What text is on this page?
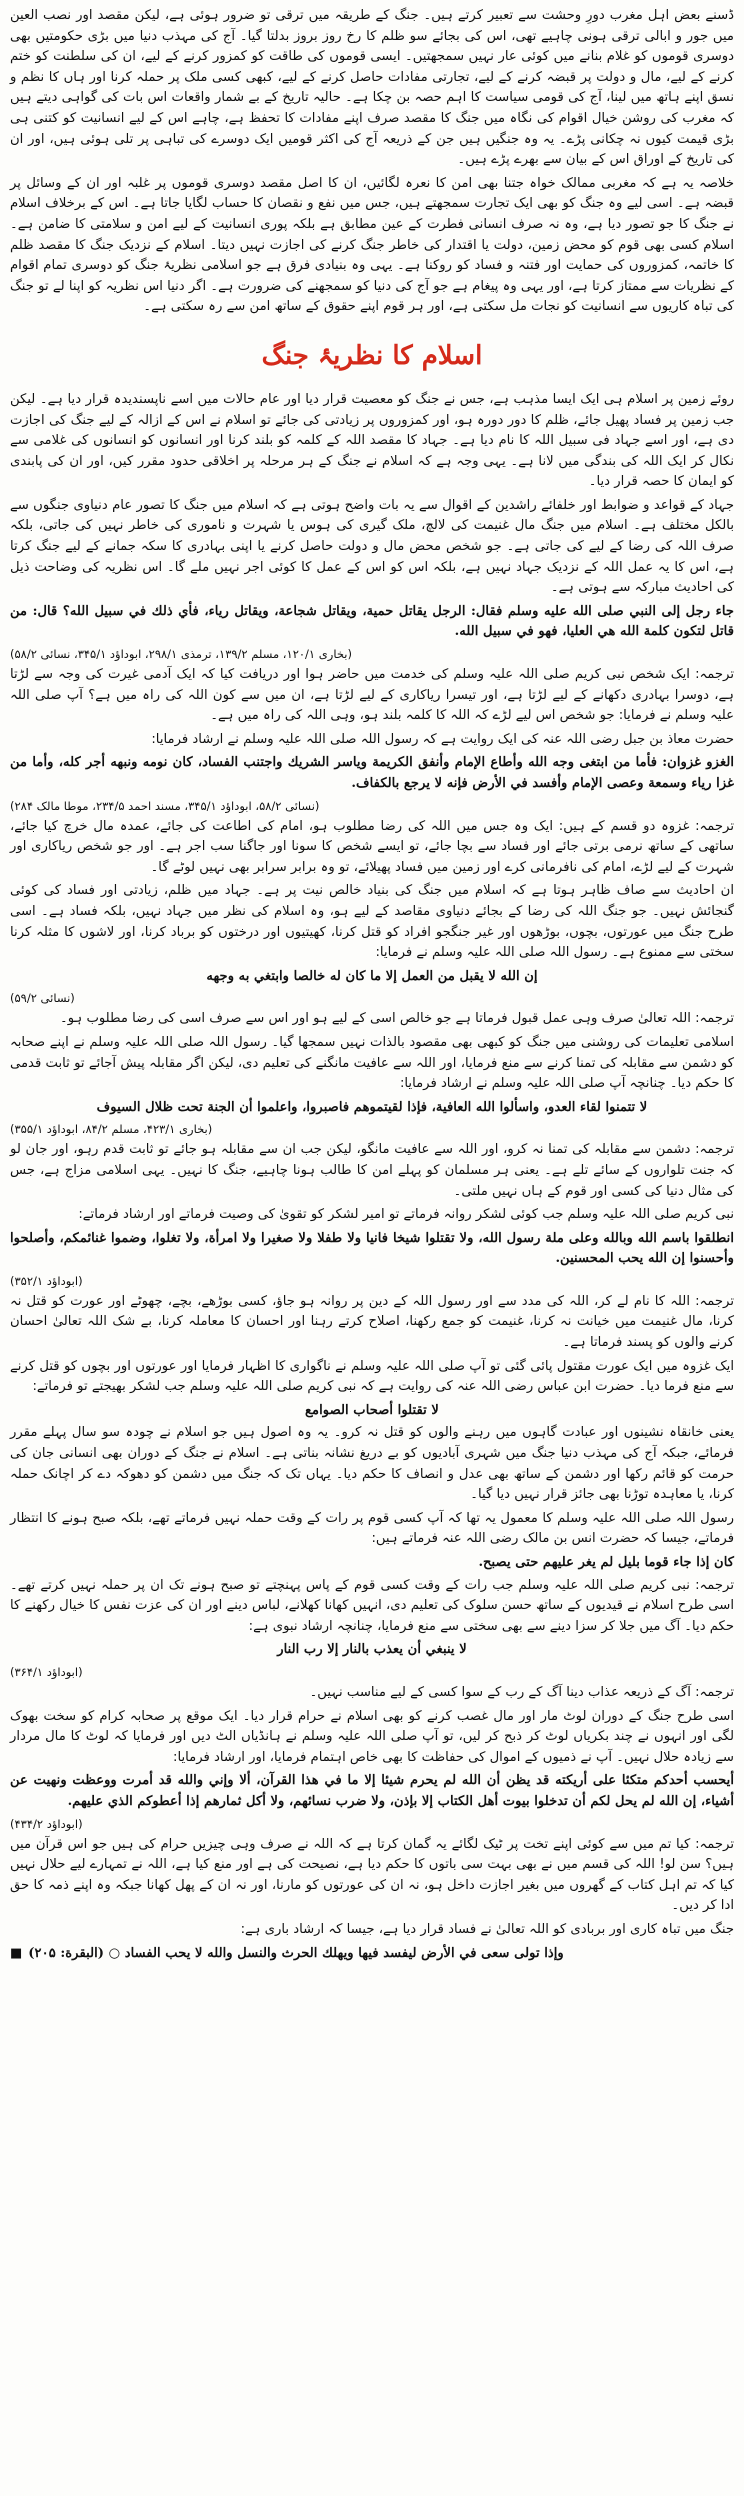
ڈسنے بعض اہل مغرب دورِ وحشت سے تعبیر کرتے ہیں۔ جنگ کے طریقہ میں ترقی تو ضرور ہوئی ہے، لیکن مقصد اور نصب العین میں جور و ابالی ترقی ہونی چاہیے تھی، اس کی بجائے سو ظلم کا رخ روز بروز بدلتا گیا۔ آج کی مہذب دنیا میں بڑی حکومتیں بھی دوسری قوموں کو غلام بنانے میں کوئی عار نہیں سمجھتیں۔ ایسی قوموں کی طاقت کو کمزور کرنے کے لیے، ان کی سلطنت کو ختم کرنے کے لیے، مال و دولت پر قبضہ کرنے کے لیے، تجارتی مفادات حاصل کرنے کے لیے، کبھی کسی ملک پر حملہ کرنا اور ہاں کا نظم و نسق اپنے ہاتھ میں لینا، آج کی قومی سیاست کا اہم حصہ بن چکا ہے۔ حالیہ تاریخ کے بے شمار واقعات اس بات کی گواہی دیتے ہیں کہ مغرب کی روشن خیال اقوام کی نگاہ میں جنگ کا مقصد صرف اپنے مفادات کا تحفظ ہے، چاہے اس کے لیے انسانیت کو کتنی ہی بڑی قیمت کیوں نہ چکانی پڑے۔ یہ وہ جنگیں ہیں جن کے ذریعہ آج کی اکثر قومیں ایک دوسرے کی تباہی پر تلی ہوئی ہیں، اور ان کی تاریخ کے اوراق اس کے بیان سے بھرے پڑے ہیں۔

خلاصہ یہ ہے کہ مغربی ممالک خواہ جتنا بھی امن کا نعرہ لگائیں، ان کا اصل مقصد دوسری قوموں پر غلبہ اور ان کے وسائل پر قبضہ ہے۔ اسی لیے وہ جنگ کو بھی ایک تجارت سمجھتے ہیں، جس میں نفع و نقصان کا حساب لگایا جاتا ہے۔ اس کے برخلاف اسلام نے جنگ کا جو تصور دیا ہے، وہ نہ صرف انسانی فطرت کے عین مطابق ہے بلکہ پوری انسانیت کے لیے امن و سلامتی کا ضامن ہے۔ اسلام کسی بھی قوم کو محض زمین، دولت یا اقتدار کی خاطر جنگ کرنے کی اجازت نہیں دیتا۔ اسلام کے نزدیک جنگ کا مقصد ظلم کا خاتمہ، کمزوروں کی حمایت اور فتنہ و فساد کو روکنا ہے۔ یہی وہ بنیادی فرق ہے جو اسلامی نظریۂ جنگ کو دوسری تمام اقوام کے نظریات سے ممتاز کرتا ہے، اور یہی وہ پیغام ہے جو آج کی دنیا کو سمجھنے کی ضرورت ہے۔ اگر دنیا اس نظریہ کو اپنا لے تو جنگ کی تباہ کاریوں سے انسانیت کو نجات مل سکتی ہے، اور ہر قوم اپنے حقوق کے ساتھ امن سے رہ سکتی ہے۔

اسلام کا نظریۂ جنگ

روئے زمین پر اسلام ہی ایک ایسا مذہب ہے، جس نے جنگ کو معصیت قرار دیا اور عام حالات میں اسے ناپسندیدہ قرار دیا ہے۔ لیکن جب زمین پر فساد پھیل جائے، ظلم کا دور دورہ ہو، اور کمزوروں پر زیادتی کی جائے تو اسلام نے اس کے ازالہ کے لیے جنگ کی اجازت دی ہے، اور اسے جہاد فی سبیل اللہ کا نام دیا ہے۔ جہاد کا مقصد اللہ کے کلمہ کو بلند کرنا اور انسانوں کو انسانوں کی غلامی سے نکال کر ایک اللہ کی بندگی میں لانا ہے۔ یہی وجہ ہے کہ اسلام نے جنگ کے ہر مرحلہ پر اخلاقی حدود مقرر کیں، اور ان کی پابندی کو ایمان کا حصہ قرار دیا۔

جہاد کے قواعد و ضوابط اور خلفائے راشدین کے اقوال سے یہ بات واضح ہوتی ہے کہ اسلام میں جنگ کا تصور عام دنیاوی جنگوں سے بالکل مختلف ہے۔ اسلام میں جنگ مال غنیمت کی لالچ، ملک گیری کی ہوس یا شہرت و ناموری کی خاطر نہیں کی جاتی، بلکہ صرف اللہ کی رضا کے لیے کی جاتی ہے۔ جو شخص محض مال و دولت حاصل کرنے یا اپنی بہادری کا سکہ جمانے کے لیے جنگ کرتا ہے، اس کا یہ عمل اللہ کے نزدیک جہاد نہیں ہے، بلکہ اس کو اس کے عمل کا کوئی اجر نہیں ملے گا۔ اس نظریہ کی وضاحت ذیل کی احادیث مبارکہ سے ہوتی ہے۔

جاء رجل إلى النبي صلى الله عليه وسلم فقال: الرجل يقاتل حمية، ويقاتل شجاعة، ويقاتل رياء، فأي ذلك في سبيل الله؟ قال: من قاتل لتكون كلمة الله هي العليا، فهو في سبيل الله.

(بخاری ۱۲۰/۱، مسلم ۱۳۹/۲، ترمذی ۲۹۸/۱، ابوداؤد ۳۴۵/۱، نسائی ۵۸/۲)

ترجمہ: ایک شخص نبی کریم صلی اللہ علیہ وسلم کی خدمت میں حاضر ہوا اور دریافت کیا کہ ایک آدمی غیرت کی وجہ سے لڑتا ہے، دوسرا بہادری دکھانے کے لیے لڑتا ہے، اور تیسرا ریاکاری کے لیے لڑتا ہے، ان میں سے کون اللہ کی راہ میں ہے؟ آپ صلی اللہ علیہ وسلم نے فرمایا: جو شخص اس لیے لڑے کہ اللہ کا کلمہ بلند ہو، وہی اللہ کی راہ میں ہے۔

حضرت معاذ بن جبل رضی اللہ عنہ کی ایک روایت ہے کہ رسول اللہ صلی اللہ علیہ وسلم نے ارشاد فرمایا:

الغزو غزوان: فأما من ابتغى وجه الله وأطاع الإمام وأنفق الكريمة وياسر الشريك واجتنب الفساد، كان نومه ونبهه أجر كله، وأما من غزا رياء وسمعة وعصى الإمام وأفسد في الأرض فإنه لا يرجع بالكفاف.

(نسائی ۵۸/۲، ابوداؤد ۳۴۵/۱، مسند احمد ۲۳۴/۵، موطا مالک ۲۸۴)

ترجمہ: غزوہ دو قسم کے ہیں: ایک وہ جس میں اللہ کی رضا مطلوب ہو، امام کی اطاعت کی جائے، عمدہ مال خرچ کیا جائے، ساتھی کے ساتھ نرمی برتی جائے اور فساد سے بچا جائے، تو ایسے شخص کا سونا اور جاگنا سب اجر ہے۔ اور جو شخص ریاکاری اور شہرت کے لیے لڑے، امام کی نافرمانی کرے اور زمین میں فساد پھیلائے، تو وہ برابر سرابر بھی نہیں لوٹے گا۔

ان احادیث سے صاف ظاہر ہوتا ہے کہ اسلام میں جنگ کی بنیاد خالص نیت پر ہے۔ جہاد میں ظلم، زیادتی اور فساد کی کوئی گنجائش نہیں۔ جو جنگ اللہ کی رضا کے بجائے دنیاوی مقاصد کے لیے ہو، وہ اسلام کی نظر میں جہاد نہیں، بلکہ فساد ہے۔ اسی طرح جنگ میں عورتوں، بچوں، بوڑھوں اور غیر جنگجو افراد کو قتل کرنا، کھیتیوں اور درختوں کو برباد کرنا، اور لاشوں کا مثلہ کرنا سختی سے ممنوع ہے۔ رسول اللہ صلی اللہ علیہ وسلم نے فرمایا:

إن الله لا يقبل من العمل إلا ما كان له خالصا وابتغي به وجهه

(نسائی ۵۹/۲)

ترجمہ: اللہ تعالیٰ صرف وہی عمل قبول فرماتا ہے جو خالص اسی کے لیے ہو اور اس سے صرف اسی کی رضا مطلوب ہو۔

اسلامی تعلیمات کی روشنی میں جنگ کو کبھی بھی مقصود بالذات نہیں سمجھا گیا۔ رسول اللہ صلی اللہ علیہ وسلم نے اپنے صحابہ کو دشمن سے مقابلہ کی تمنا کرنے سے منع فرمایا، اور اللہ سے عافیت مانگنے کی تعلیم دی، لیکن اگر مقابلہ پیش آجائے تو ثابت قدمی کا حکم دیا۔ چنانچہ آپ صلی اللہ علیہ وسلم نے ارشاد فرمایا:

لا تتمنوا لقاء العدو، واسألوا الله العافية، فإذا لقيتموهم فاصبروا، واعلموا أن الجنة تحت ظلال السيوف

(بخاری ۴۲۳/۱، مسلم ۸۴/۲، ابوداؤد ۳۵۵/۱)

ترجمہ: دشمن سے مقابلہ کی تمنا نہ کرو، اور اللہ سے عافیت مانگو، لیکن جب ان سے مقابلہ ہو جائے تو ثابت قدم رہو، اور جان لو کہ جنت تلواروں کے سائے تلے ہے۔ یعنی ہر مسلمان کو پہلے امن کا طالب ہونا چاہیے، جنگ کا نہیں۔ یہی اسلامی مزاج ہے، جس کی مثال دنیا کی کسی اور قوم کے ہاں نہیں ملتی۔

نبی کریم صلی اللہ علیہ وسلم جب کوئی لشکر روانہ فرماتے تو امیر لشکر کو تقویٰ کی وصیت فرماتے اور ارشاد فرماتے:

انطلقوا باسم الله وبالله وعلى ملة رسول الله، ولا تقتلوا شيخا فانيا ولا طفلا ولا صغيرا ولا امرأة، ولا تغلوا، وضموا غنائمكم، وأصلحوا وأحسنوا إن الله يحب المحسنين.

(ابوداؤد ۳۵۲/۱)

ترجمہ: اللہ کا نام لے کر، اللہ کی مدد سے اور رسول اللہ کے دین پر روانہ ہو جاؤ، کسی بوڑھے، بچے، چھوٹے اور عورت کو قتل نہ کرنا، مال غنیمت میں خیانت نہ کرنا، غنیمت کو جمع رکھنا، اصلاح کرتے رہنا اور احسان کا معاملہ کرنا، بے شک اللہ تعالیٰ احسان کرنے والوں کو پسند فرماتا ہے۔

ایک غزوہ میں ایک عورت مقتول پائی گئی تو آپ صلی اللہ علیہ وسلم نے ناگواری کا اظہار فرمایا اور عورتوں اور بچوں کو قتل کرنے سے منع فرما دیا۔ حضرت ابن عباس رضی اللہ عنہ کی روایت ہے کہ نبی کریم صلی اللہ علیہ وسلم جب لشکر بھیجتے تو فرماتے:

لا تقتلوا أصحاب الصوامع

یعنی خانقاہ نشینوں اور عبادت گاہوں میں رہنے والوں کو قتل نہ کرو۔ یہ وہ اصول ہیں جو اسلام نے چودہ سو سال پہلے مقرر فرمائے، جبکہ آج کی مہذب دنیا جنگ میں شہری آبادیوں کو بے دریغ نشانہ بناتی ہے۔ اسلام نے جنگ کے دوران بھی انسانی جان کی حرمت کو قائم رکھا اور دشمن کے ساتھ بھی عدل و انصاف کا حکم دیا۔ یہاں تک کہ جنگ میں دشمن کو دھوکہ دے کر اچانک حملہ کرنا، یا معاہدہ توڑنا بھی جائز قرار نہیں دیا گیا۔

رسول اللہ صلی اللہ علیہ وسلم کا معمول یہ تھا کہ آپ کسی قوم پر رات کے وقت حملہ نہیں فرماتے تھے، بلکہ صبح ہونے کا انتظار فرماتے، جیسا کہ حضرت انس بن مالک رضی اللہ عنہ فرماتے ہیں:

كان إذا جاء قوما بليل لم يغر عليهم حتى يصبح.

ترجمہ: نبی کریم صلی اللہ علیہ وسلم جب رات کے وقت کسی قوم کے پاس پہنچتے تو صبح ہونے تک ان پر حملہ نہیں کرتے تھے۔ اسی طرح اسلام نے قیدیوں کے ساتھ حسن سلوک کی تعلیم دی، انہیں کھانا کھلانے، لباس دینے اور ان کی عزت نفس کا خیال رکھنے کا حکم دیا۔ آگ میں جلا کر سزا دینے سے بھی سختی سے منع فرمایا، چنانچہ ارشاد نبوی ہے:

لا ينبغي أن يعذب بالنار إلا رب النار

(ابوداؤد ۳۶۴/۱)

ترجمہ: آگ کے ذریعہ عذاب دینا آگ کے رب کے سوا کسی کے لیے مناسب نہیں۔

اسی طرح جنگ کے دوران لوٹ مار اور مال غصب کرنے کو بھی اسلام نے حرام قرار دیا۔ ایک موقع پر صحابہ کرام کو سخت بھوک لگی اور انہوں نے چند بکریاں لوٹ کر ذبح کر لیں، تو آپ صلی اللہ علیہ وسلم نے ہانڈیاں الٹ دیں اور فرمایا کہ لوٹ کا مال مردار سے زیادہ حلال نہیں۔ آپ نے ذمیوں کے اموال کی حفاظت کا بھی خاص اہتمام فرمایا، اور ارشاد فرمایا:

أيحسب أحدكم متكئا على أريكته قد يظن أن الله لم يحرم شيئا إلا ما في هذا القرآن، ألا وإني والله قد أمرت ووعظت ونهيت عن أشياء، إن الله لم يحل لكم أن تدخلوا بيوت أهل الكتاب إلا بإذن، ولا ضرب نسائهم، ولا أكل ثمارهم إذا أعطوكم الذي عليهم.

(ابوداؤد ۴۳۴/۲)

ترجمہ: کیا تم میں سے کوئی اپنے تخت پر ٹیک لگائے یہ گمان کرتا ہے کہ اللہ نے صرف وہی چیزیں حرام کی ہیں جو اس قرآن میں ہیں؟ سن لو! اللہ کی قسم میں نے بھی بہت سی باتوں کا حکم دیا ہے، نصیحت کی ہے اور منع کیا ہے، اللہ نے تمہارے لیے حلال نہیں کیا کہ تم اہل کتاب کے گھروں میں بغیر اجازت داخل ہو، نہ ان کی عورتوں کو مارنا، اور نہ ان کے پھل کھانا جبکہ وہ اپنے ذمہ کا حق ادا کر دیں۔

جنگ میں تباہ کاری اور بربادی کو اللہ تعالیٰ نے فساد قرار دیا ہے، جیسا کہ ارشاد باری ہے:

■ وإذا تولى سعى في الأرض ليفسد فيها ويهلك الحرث والنسل والله لا يحب الفساد ○ (البقرة: ۲۰۵)
